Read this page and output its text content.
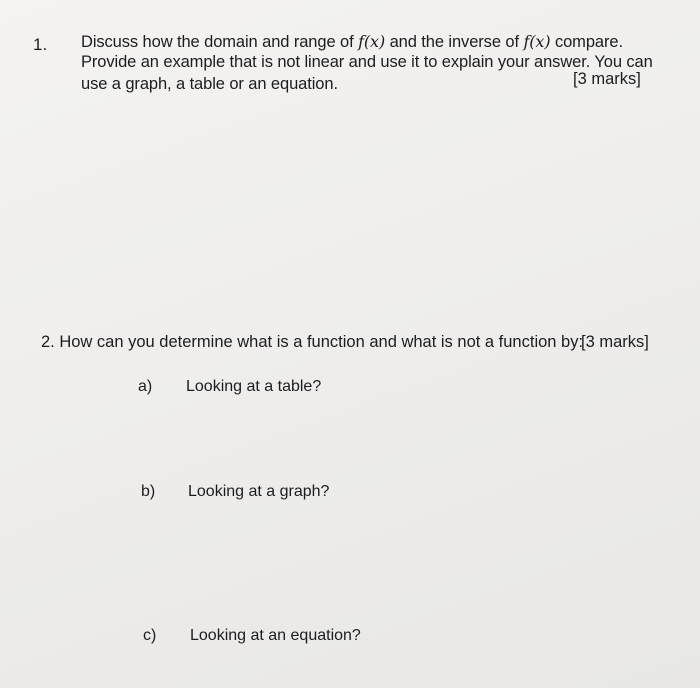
1. Discuss how the domain and range of f(x) and the inverse of f(x) compare.
Provide an example that is not linear and use it to explain your answer. You can
use a graph, a table or an equation.	[3 marks]
2. How can you determine what is a function and what is not a function by:
[3 marks]
a) Looking at a table?
b) Looking at a graph?
c) Looking at an equation?
